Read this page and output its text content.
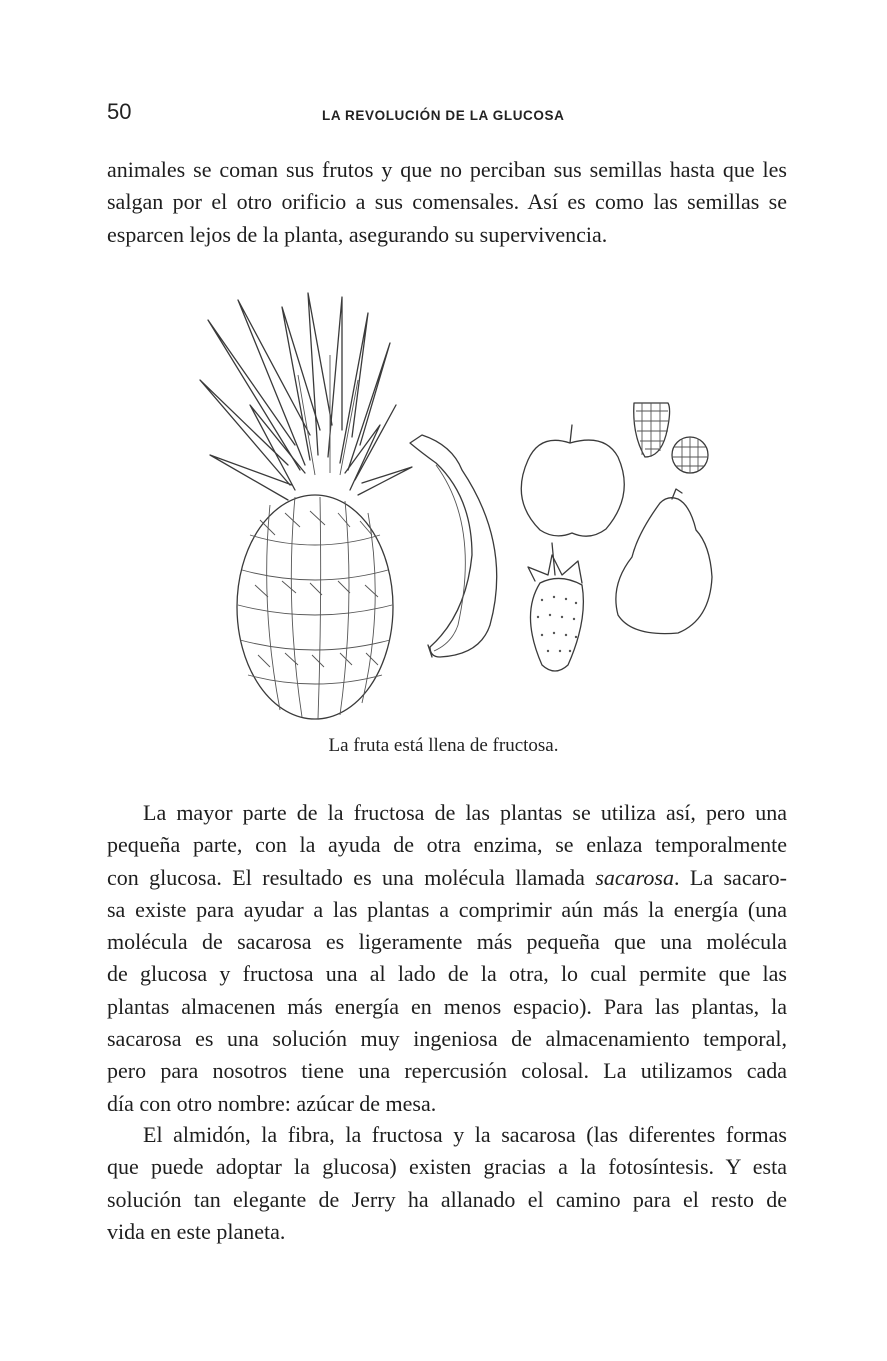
50	LA REVOLUCIÓN DE LA GLUCOSA
animales se coman sus frutos y que no perciban sus semillas hasta que les
salgan por el otro orificio a sus comensales. Así es como las semillas se
esparcen lejos de la planta, asegurando su supervivencia.
La fruta está llena de fructosa.
La mayor parte de la fructosa de las plantas se utiliza así, pero una
pequeña parte, con la ayuda de otra enzima, se enlaza temporalmente
con glucosa. El resultado es una molécula llamada sacarosa. La sacaro-
sa existe para ayudar a las plantas a comprimir aún más la energía (una
molécula de sacarosa es ligeramente más pequeña que una molécula
de glucosa y fructosa una al lado de la otra, lo cual permite que las
plantas almacenen más energía en menos espacio). Para las plantas, la
sacarosa es una solución muy ingeniosa de almacenamiento temporal,
pero para nosotros tiene una repercusión colosal. La utilizamos cada
día con otro nombre: azúcar de mesa.
El almidón, la fibra, la fructosa y la sacarosa (las diferentes formas
que puede adoptar la glucosa) existen gracias a la fotosíntesis. Y esta
solución tan elegante de Jerry ha allanado el camino para el resto de
vida en este planeta.
